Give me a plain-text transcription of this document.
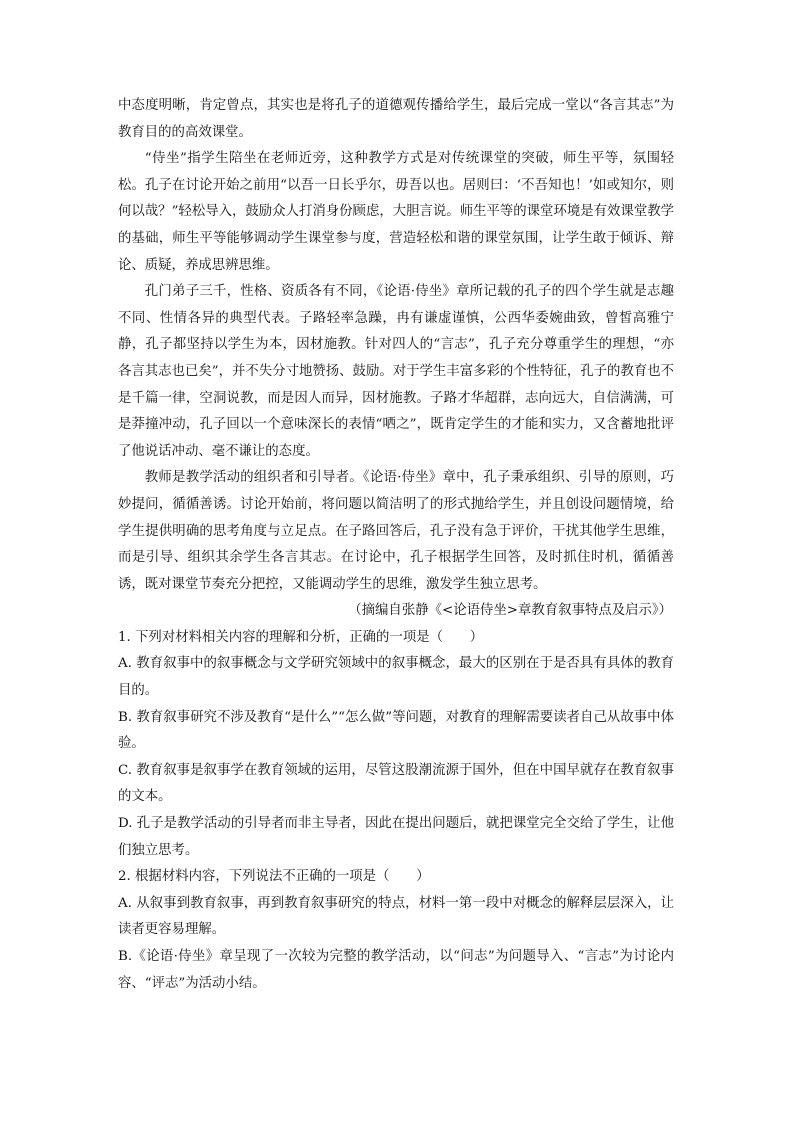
中态度明晰，肯定曾点，其实也是将孔子的道德观传播给学生，最后完成一堂以“各言其志”为教育目的的高效课堂。

“侍坐”指学生陪坐在老师近旁，这种教学方式是对传统课堂的突破，师生平等，氛围轻松。孔子在讨论开始之前用“以吾一日长乎尔，毋吾以也。居则曰：‘不吾知也！’如或知尔，则何以哉？”轻松导入，鼓励众人打消身份顾虑，大胆言说。师生平等的课堂环境是有效课堂教学的基础，师生平等能够调动学生课堂参与度，营造轻松和谐的课堂氛围，让学生敢于倾诉、辩论、质疑，养成思辨思维。

孔门弟子三千，性格、资质各有不同，《论语·侍坐》章所记载的孔子的四个学生就是志趣不同、性情各异的典型代表。子路轻率急躁，冉有谦虚谨慎，公西华委婉曲致，曾皙高雅宁静，孔子都坚持以学生为本，因材施教。针对四人的“言志”，孔子充分尊重学生的理想，“亦各言其志也已矣”，并不失分寸地赞扬、鼓励。对于学生丰富多彩的个性特征，孔子的教育也不是千篇一律，空洞说教，而是因人而异，因材施教。子路才华超群，志向远大，自信满满，可是莽撞冲动，孔子回以一个意味深长的表情“哂之”，既肯定学生的才能和实力，又含蓄地批评了他说话冲动、毫不谦让的态度。

教师是教学活动的组织者和引导者。《论语·侍坐》章中，孔子秉承组织、引导的原则，巧妙提问，循循善诱。讨论开始前，将问题以简洁明了的形式抛给学生，并且创设问题情境，给学生提供明确的思考角度与立足点。在子路回答后，孔子没有急于评价，干扰其他学生思维，而是引导、组织其余学生各言其志。在讨论中，孔子根据学生回答，及时抓住时机，循循善诱，既对课堂节奏充分把控，又能调动学生的思维，激发学生独立思考。

（摘编自张静《<论语侍坐>章教育叙事特点及启示》）

1. 下列对材料相关内容的理解和分析，正确的一项是（　　）

A. 教育叙事中的叙事概念与文学研究领域中的叙事概念，最大的区别在于是否具有具体的教育目的。

B. 教育叙事研究不涉及教育“是什么”“怎么做”等问题，对教育的理解需要读者自己从故事中体验。

C. 教育叙事是叙事学在教育领域的运用，尽管这股潮流源于国外，但在中国早就存在教育叙事的文本。

D. 孔子是教学活动的引导者而非主导者，因此在提出问题后，就把课堂完全交给了学生，让他们独立思考。

2. 根据材料内容，下列说法不正确的一项是（　　）

A. 从叙事到教育叙事，再到教育叙事研究的特点，材料一第一段中对概念的解释层层深入，让读者更容易理解。

B.《论语·侍坐》章呈现了一次较为完整的教学活动，以“问志”为问题导入、“言志”为讨论内容、“评志”为活动小结。
